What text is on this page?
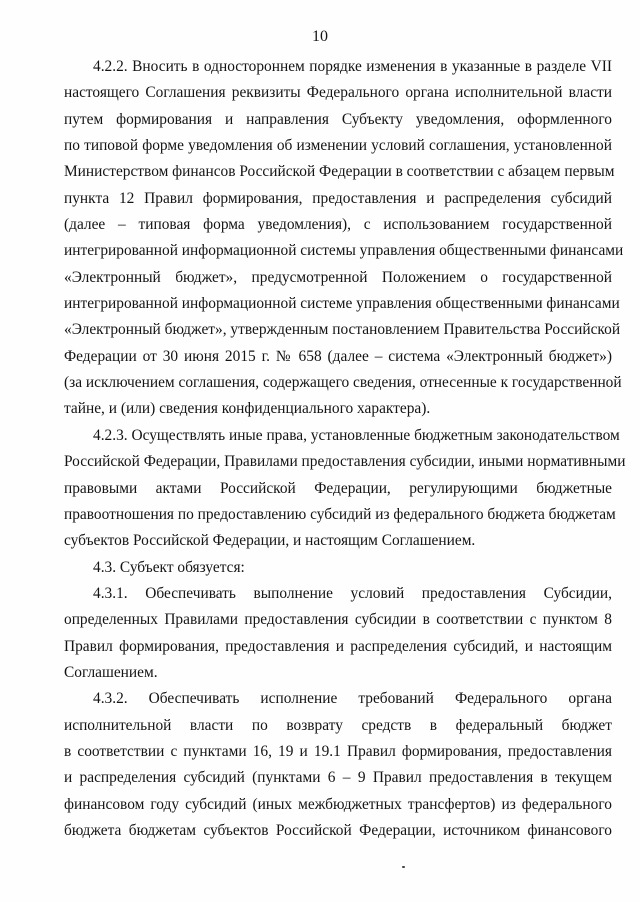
10
4.2.2. Вносить в одностороннем порядке изменения в указанные в разделе VII
настоящего Соглашения реквизиты Федерального органа исполнительной власти
путем формирования и направления Субъекту уведомления, оформленного
по типовой форме уведомления об изменении условий соглашения, установленной
Министерством финансов Российской Федерации в соответствии с абзацем первым
пункта 12 Правил формирования, предоставления и распределения субсидий
(далее – типовая форма уведомления), с использованием государственной
интегрированной информационной системы управления общественными финансами
«Электронный бюджет», предусмотренной Положением о государственной
интегрированной информационной системе управления общественными финансами
«Электронный бюджет», утвержденным постановлением Правительства Российской
Федерации от 30 июня 2015 г. № 658 (далее – система «Электронный бюджет»)
(за исключением соглашения, содержащего сведения, отнесенные к государственной
тайне, и (или) сведения конфиденциального характера).
4.2.3. Осуществлять иные права, установленные бюджетным законодательством
Российской Федерации, Правилами предоставления субсидии, иными нормативными
правовыми актами Российской Федерации, регулирующими бюджетные
правоотношения по предоставлению субсидий из федерального бюджета бюджетам
субъектов Российской Федерации, и настоящим Соглашением.
4.3. Субъект обязуется:
4.3.1. Обеспечивать выполнение условий предоставления Субсидии,
определенных Правилами предоставления субсидии в соответствии с пунктом 8
Правил формирования, предоставления и распределения субсидий, и настоящим
Соглашением.
4.3.2. Обеспечивать исполнение требований Федерального органа
исполнительной власти по возврату средств в федеральный бюджет
в соответствии с пунктами 16, 19 и 19.1 Правил формирования, предоставления
и распределения субсидий (пунктами 6 – 9 Правил предоставления в текущем
финансовом году субсидий (иных межбюджетных трансфертов) из федерального
бюджета бюджетам субъектов Российской Федерации, источником финансового
